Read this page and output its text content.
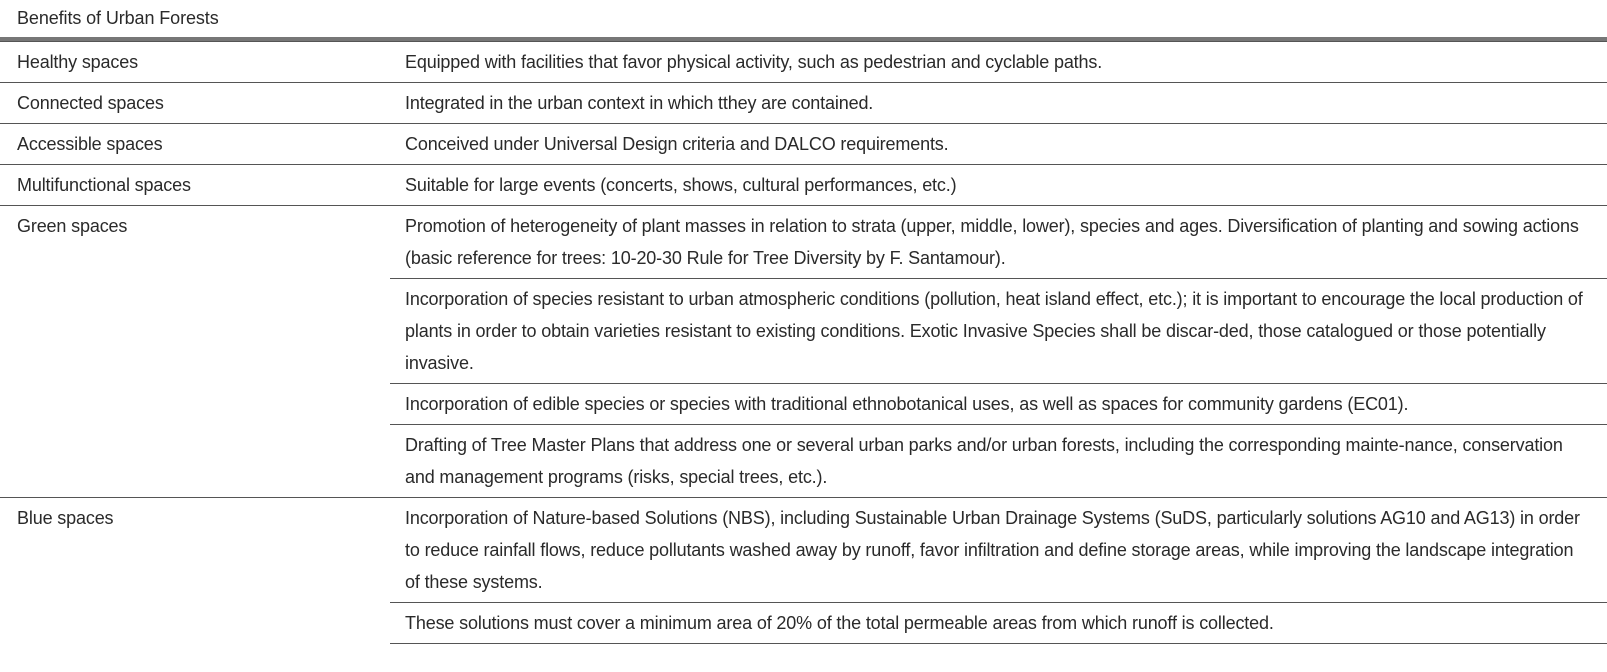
Benefits of Urban Forests
Healthy spaces	Equipped with facilities that favor physical activity, such as pedestrian and cyclable paths.
Connected spaces	Integrated in the urban context in which tthey are contained.
Accessible spaces	Conceived under Universal Design criteria and DALCO requirements.
Multifunctional spaces	Suitable for large events (concerts, shows, cultural performances, etc.)
Green spaces	Promotion of heterogeneity of plant masses in relation to strata (upper, middle, lower), species and ages. Diversification of planting and sowing actions (basic reference for trees: 10-20-30 Rule for Tree Diversity by F. Santamour).
	Incorporation of species resistant to urban atmospheric conditions (pollution, heat island effect, etc.); it is important to encourage the local production of plants in order to obtain varieties resistant to existing conditions. Exotic Invasive Species shall be discar-ded, those catalogued or those potentially invasive.
	Incorporation of edible species or species with traditional ethnobotanical uses, as well as spaces for community gardens (EC01).
	Drafting of Tree Master Plans that address one or several urban parks and/or urban forests, including the corresponding mainte-nance, conservation and management programs (risks, special trees, etc.).
Blue spaces	Incorporation of Nature-based Solutions (NBS), including Sustainable Urban Drainage Systems (SuDS, particularly solutions AG10 and AG13) in order to reduce rainfall flows, reduce pollutants washed away by runoff, favor infiltration and define storage areas, while improving the landscape integration of these systems.
	These solutions must cover a minimum area of 20% of the total permeable areas from which runoff is collected.
